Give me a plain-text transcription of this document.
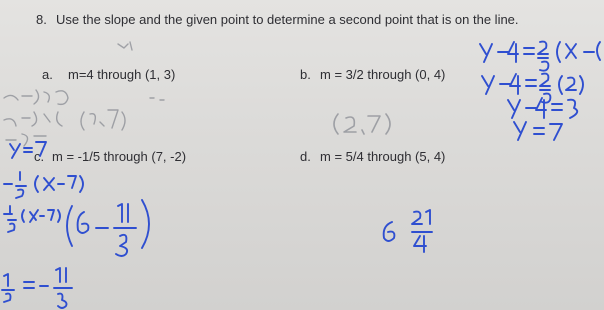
8. Use the slope and the given point to determine a second point that is on the line.
a. m=4 through (1, 3)	b. m = 3/2 through (0, 4)
c. m = -1/5 through (7, -2)	d. m = 5/4 through (5, 4)
